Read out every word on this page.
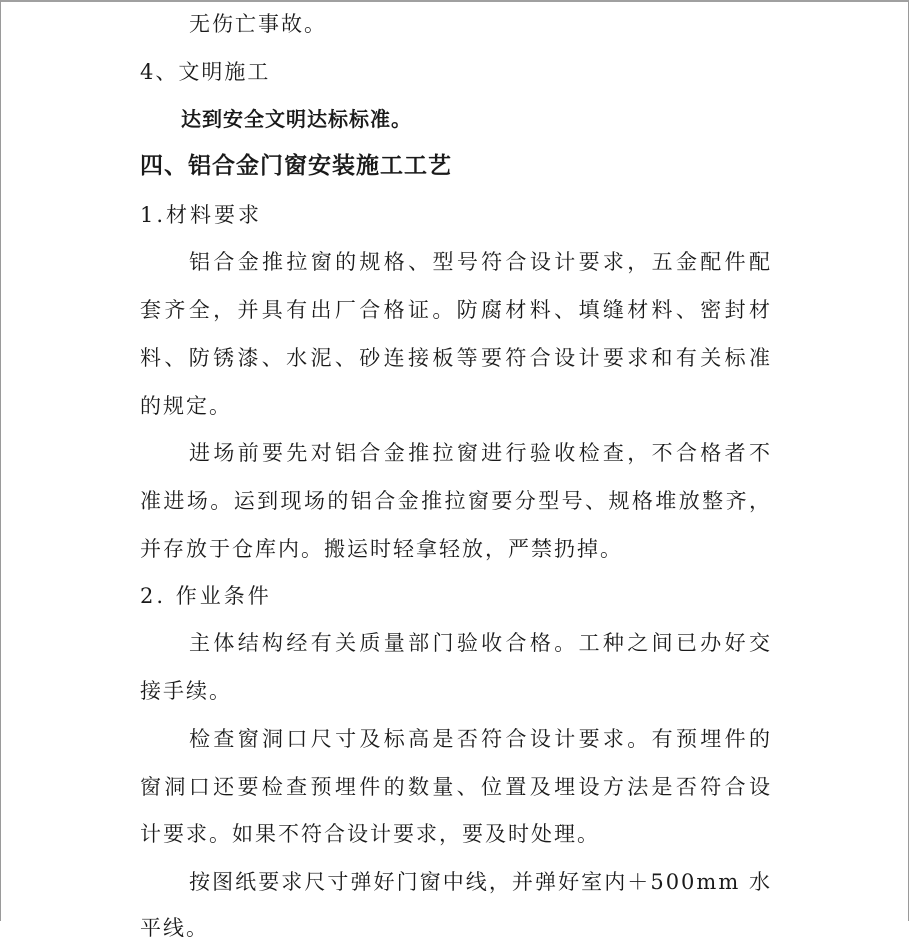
无伤亡事故。
4、文明施工
达到安全文明达标标准。
四、铝合金门窗安装施工工艺
1.材料要求
铝合金推拉窗的规格、型号符合设计要求，五金配件配
套齐全，并具有出厂合格证。防腐材料、填缝材料、密封材
料、防锈漆、水泥、砂连接板等要符合设计要求和有关标准
的规定。
进场前要先对铝合金推拉窗进行验收检查，不合格者不
准进场。运到现场的铝合金推拉窗要分型号、规格堆放整齐，
并存放于仓库内。搬运时轻拿轻放，严禁扔掉。
2. 作业条件
主体结构经有关质量部门验收合格。工种之间已办好交
接手续。
检查窗洞口尺寸及标高是否符合设计要求。有预埋件的
窗洞口还要检查预埋件的数量、位置及埋设方法是否符合设
计要求。如果不符合设计要求，要及时处理。
按图纸要求尺寸弹好门窗中线，并弹好室内＋500mm 水
平线。
